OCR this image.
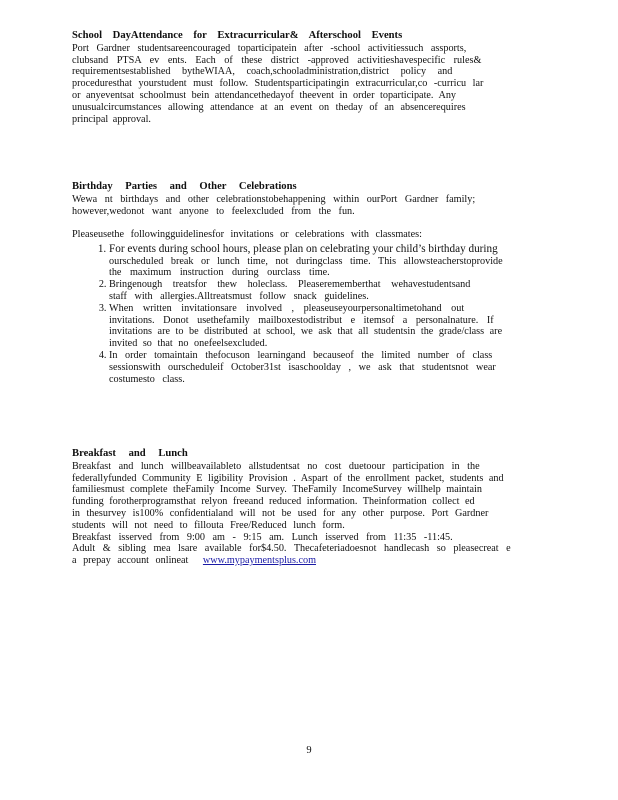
School DayAttendance for Extracurricular& Afterschool Events
Port Gardner studentsareencouraged toparticipatein after -school activitiessuch assports,
clubsand PTSA ev ents. Each of these district -approved activitieshavespecific rules&
requirementsestablished bytheWIAA, coach,schooladministration,district policy and
proceduresthat yourstudent must follow. Studentsparticipatingin extracurricular,co -curricu lar
or anyeventsat schoolmust bein attendancethedayof theevent in order toparticipate. Any
unusualcircumstances allowing attendance at an event on theday of an absencerequires
principal approval.
Birthday Parties and Other Celebrations
Wewa nt birthdays and other celebrationstobehappening within ourPort Gardner family;
however,wedonot want anyone to feelexcluded from the fun.
Pleaseusethe followingguidelinesfor invitations or celebrations with classmates:
1. For events during school hours, please plan on celebrating your child’s birthday during
ourscheduled break or lunch time, not duringclass time. This allowsteacherstoprovide
the maximum instruction during ourclass time.
2. Bringenough treatsfor thew holeclass. Pleaserememberthat wehavestudentsand
staff with allergies.Alltreatsmust follow snack guidelines.
3. When written invitationsare involved , pleaseuseyourpersonaltimetohand out
invitations. Donot usethefamily mailboxestodistribut e itemsof a personalnature. If
invitations are to be distributed at school, we ask that all studentsin the grade/class are
invited so that no onefeelsexcluded.
4. In order tomaintain thefocuson learningand becauseof the limited number of class
sessionswith ourscheduleif October31st isaschoolday , we ask that studentsnot wear
costumesto class.
Breakfast and Lunch
Breakfast and lunch willbeavailableto allstudentsat no cost duetoour participation in the
federallyfunded Community E ligibility Provision . Aspart of the enrollment packet, students and
familiesmust complete theFamily Income Survey. TheFamily IncomeSurvey willhelp maintain
funding forotherprogramsthat relyon freeand reduced information. Theinformation collect ed
in thesurvey is100% confidentialand will not be used for any other purpose. Port Gardner
students will not need to fillouta Free/Reduced lunch form.
Breakfast isserved from 9:00 am - 9:15 am. Lunch isserved from 11:35 -11:45.
Adult & sibling mea lsare available for$4.50. Thecafeteriadoesnot handlecash so pleasecreat e
a prepay account onlineat www.mypaymentsplus.com
9
